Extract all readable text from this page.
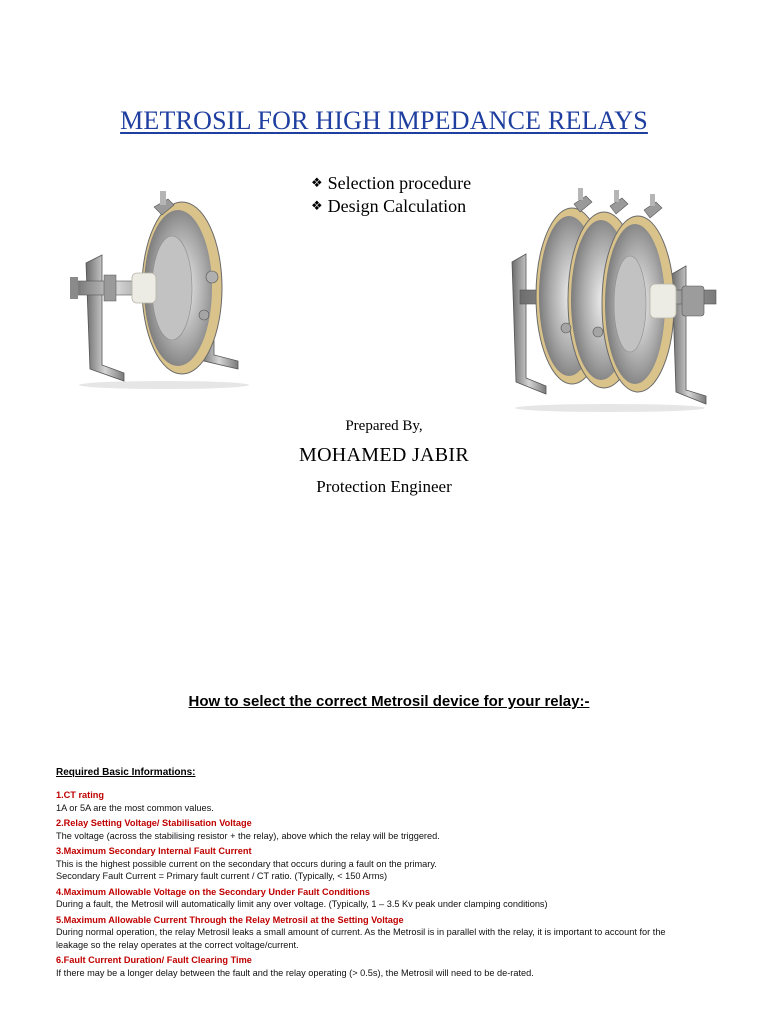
METROSIL FOR HIGH IMPEDANCE RELAYS
❖ Selection procedure
❖ Design Calculation
Prepared By,
MOHAMED JABIR
Protection Engineer
How to select the correct Metrosil device for your relay:-
Required Basic Informations:
1.CT rating
1A or 5A are the most common values.
2.Relay Setting Voltage/ Stabilisation Voltage
The voltage (across the stabilising resistor + the relay), above which the relay will be triggered.
3.Maximum Secondary Internal Fault Current
This is the highest possible current on the secondary that occurs during a fault on the primary.
Secondary Fault Current = Primary fault current / CT ratio. (Typically, < 150 Arms)
4.Maximum Allowable Voltage on the Secondary Under Fault Conditions
During a fault, the Metrosil will automatically limit any over voltage. (Typically, 1 – 3.5 Kv peak under clamping conditions)
5.Maximum Allowable Current Through the Relay Metrosil at the Setting Voltage
During normal operation, the relay Metrosil leaks a small amount of current. As the Metrosil is in parallel with the relay, it is important to account for the
leakage so the relay operates at the correct voltage/current.
6.Fault Current Duration/ Fault Clearing Time
If there may be a longer delay between the fault and the relay operating (> 0.5s), the Metrosil will need to be de-rated.
